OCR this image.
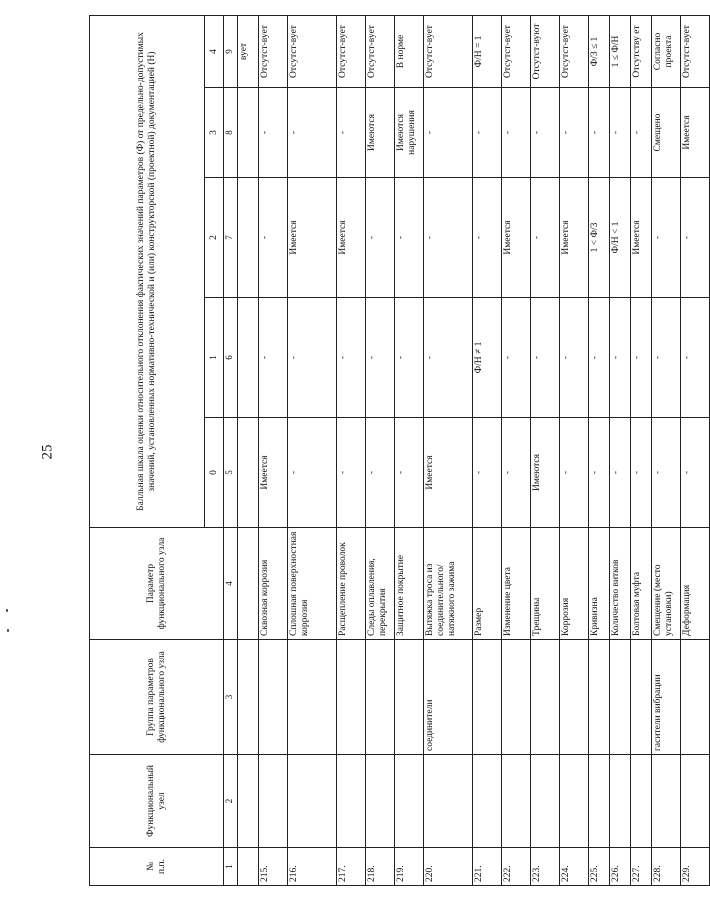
25
№
п.п.	Функциональный узел	Группа параметров функционального узла	Параметр функционального узла	Балльная шкала оценки относительного отклонения фактических значений параметров (Ф) от предельно-допустимых значений, установленных нормативно-технической и (или) конструкторской (проектной) документацией (Н)				
				0	1	2	3	4
1	2	3	4	5	6	7	8	9
								вует
215.			Сквозная коррозия	Имеется	-	-	-	Отсутст-вует
216.			Сплошная поверхностная коррозия	-	-	Имеется	-	Отсутст-вует
217.			Расщепление проволок	-	-	Имеется	-	Отсутст-вует
218.			Следы оплавления, перекрытия	-	-	-	Имеются	Отсутст-вует
219.			Защитное покрытие	-	-	-	Имеются нарушения	В норме
220.		соединители	Вытяжка троса из соединительного/ натяжного зажима	Имеется	-	-	-	Отсутст-вует
221.			Размер	-	Ф/Н ≠ 1	-	-	Ф/Н = 1
222.			Изменение цвета	-	-	Имеется	-	Отсутст-вует
223.			Трещины	Имеются	-	-	-	Отсутст-вуют
224.			Коррозия	-	-	Имеется	-	Отсутст-вует
225.			Кривизна	-	-	1 < Ф/3	-	Ф/3 ≤ 1
226.			Количество витков	-	-	Ф/Н < 1	-	1 ≤ Ф/Н
227.			Болтовая муфта	-	-	Имеется	-	Отсутству ет
228.		гасители вибрации	Смещение (место установки)	-	-	-	Смещено	Согласно проекта
229.			Деформация	-	-	-	Имеется	Отсутст-вует
